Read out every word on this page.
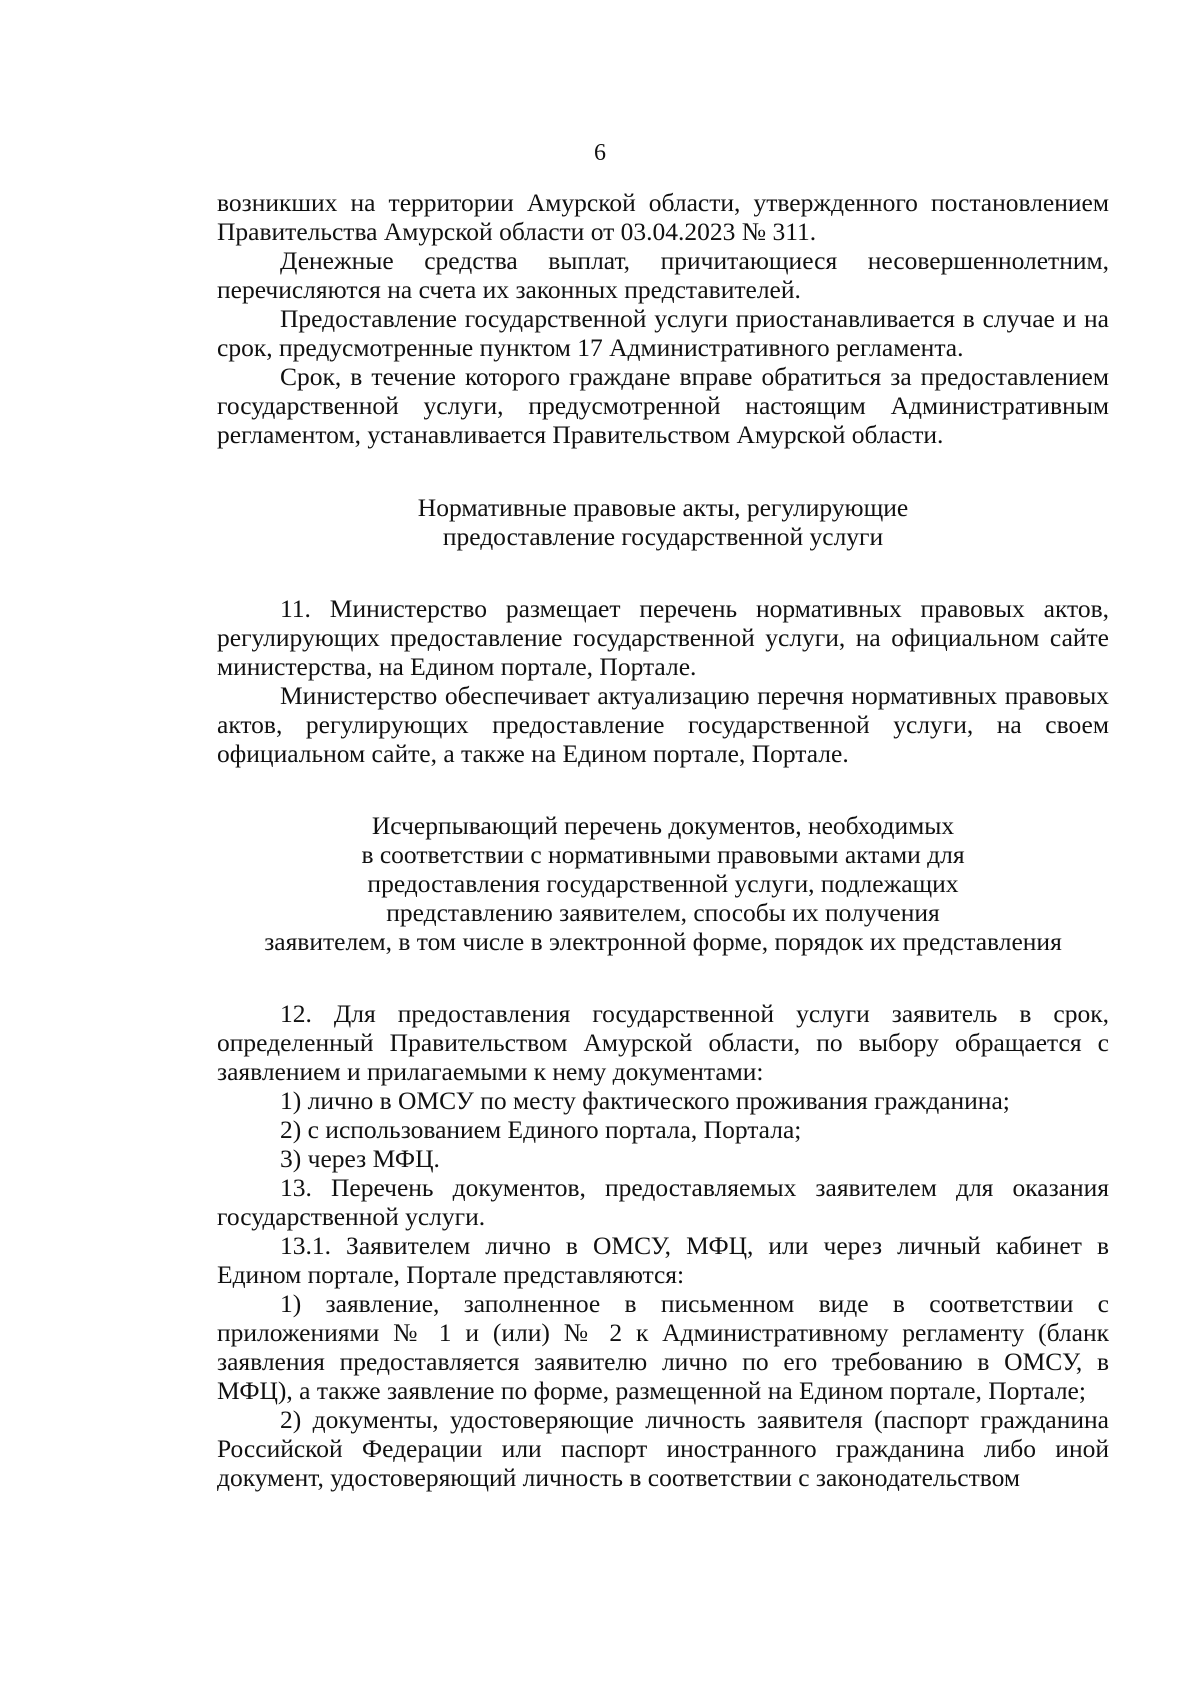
6

возникших на территории Амурской области, утвержденного постановлением Правительства Амурской области от 03.04.2023 № 311.

Денежные средства выплат, причитающиеся несовершеннолетним, перечисляются на счета их законных представителей.

Предоставление государственной услуги приостанавливается в случае и на срок, предусмотренные пунктом 17 Административного регламента.

Срок, в течение которого граждане вправе обратиться за предоставлением государственной услуги, предусмотренной настоящим Административным регламентом, устанавливается Правительством Амурской области.

Нормативные правовые акты, регулирующие
предоставление государственной услуги

11. Министерство размещает перечень нормативных правовых актов, регулирующих предоставление государственной услуги, на официальном сайте министерства, на Едином портале, Портале.

Министерство обеспечивает актуализацию перечня нормативных правовых актов, регулирующих предоставление государственной услуги, на своем официальном сайте, а также на Едином портале, Портале.

Исчерпывающий перечень документов, необходимых
в соответствии с нормативными правовыми актами для
предоставления государственной услуги, подлежащих
представлению заявителем, способы их получения
заявителем, в том числе в электронной форме, порядок их представления

12. Для предоставления государственной услуги заявитель в срок, определенный Правительством Амурской области, по выбору обращается с заявлением и прилагаемыми к нему документами:

1) лично в ОМСУ по месту фактического проживания гражданина;

2) с использованием Единого портала, Портала;

3) через МФЦ.

13. Перечень документов, предоставляемых заявителем для оказания государственной услуги.

13.1. Заявителем лично в ОМСУ, МФЦ, или через личный кабинет в Едином портале, Портале представляются:

1) заявление, заполненное в письменном виде в соответствии с приложениями № 1 и (или) № 2 к Административному регламенту (бланк заявления предоставляется заявителю лично по его требованию в ОМСУ, в МФЦ), а также заявление по форме, размещенной на Едином портале, Портале;

2) документы, удостоверяющие личность заявителя (паспорт гражданина Российской Федерации или паспорт иностранного гражданина либо иной документ, удостоверяющий личность в соответствии с законодательством
